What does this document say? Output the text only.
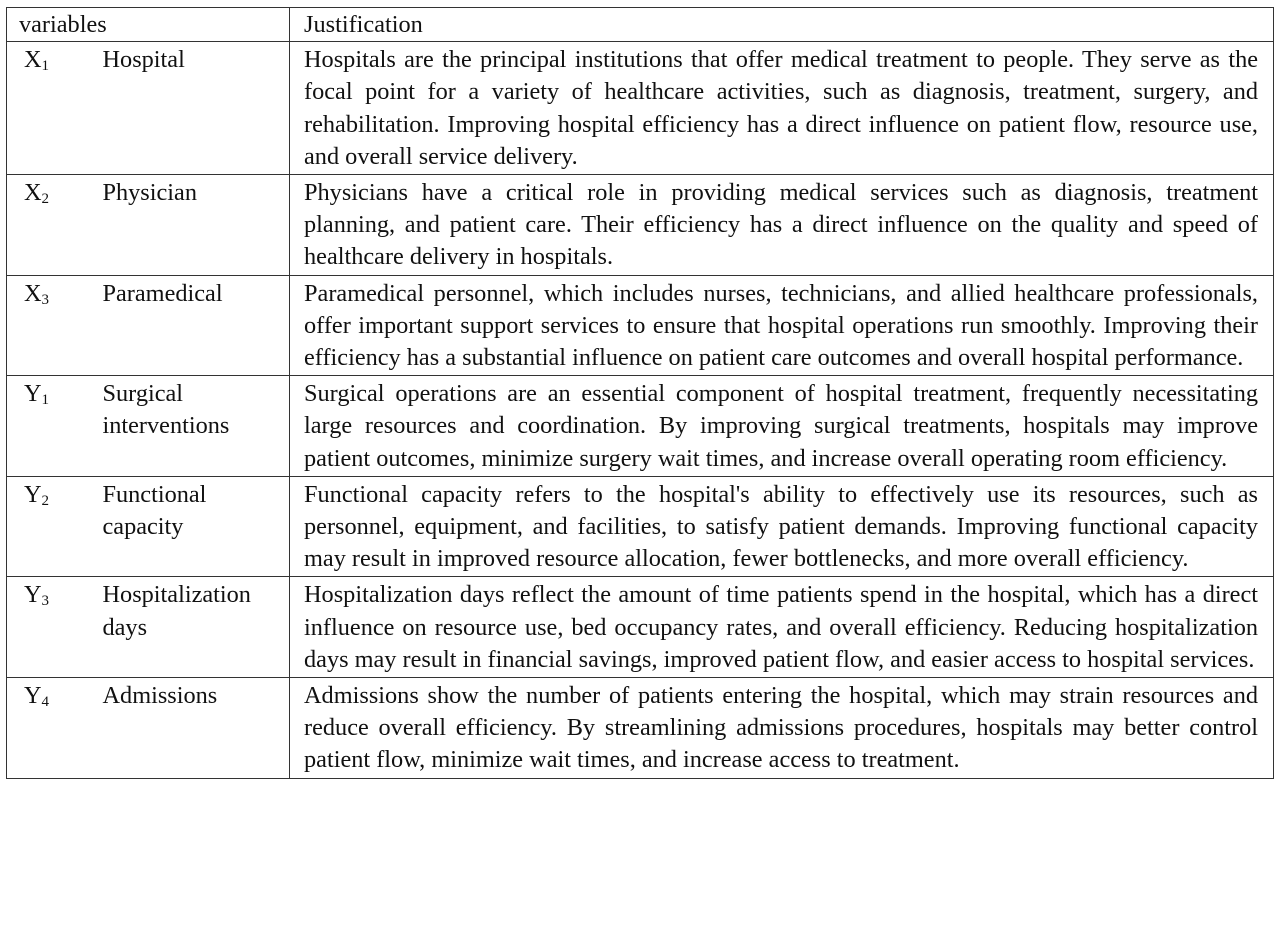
variables		Justification
$X_1$	Hospital	Hospitals are the principal institutions that offer medical treatment to people. They serve as the focal point for a variety of healthcare activities, such as diagnosis, treatment, surgery, and rehabilitation. Improving hospital efficiency has a direct influence on patient flow, resource use, and overall service delivery.
$X_2$	Physician	Physicians have a critical role in providing medical services such as diagnosis, treatment planning, and patient care. Their efficiency has a direct influence on the quality and speed of healthcare delivery in hospitals.
$X_3$	Paramedical	Paramedical personnel, which includes nurses, technicians, and allied healthcare professionals, offer important support services to ensure that hospital operations run smoothly. Improving their efficiency has a substantial influence on patient care outcomes and overall hospital performance.
$Y_1$	Surgical interventions	Surgical operations are an essential component of hospital treatment, frequently necessitating large resources and coordination. By improving surgical treatments, hospitals may improve patient outcomes, minimize surgery wait times, and increase overall operating room efficiency.
$Y_2$	Functional capacity	Functional capacity refers to the hospital's ability to effectively use its resources, such as personnel, equipment, and facilities, to satisfy patient demands. Improving functional capacity may result in improved resource allocation, fewer bottlenecks, and more overall efficiency.
$Y_3$	Hospitalization days	Hospitalization days reflect the amount of time patients spend in the hospital, which has a direct influence on resource use, bed occupancy rates, and overall efficiency. Reducing hospitalization days may result in financial savings, improved patient flow, and easier access to hospital services.
$Y_4$	Admissions	Admissions show the number of patients entering the hospital, which may strain resources and reduce overall efficiency. By streamlining admissions procedures, hospitals may better control patient flow, minimize wait times, and increase access to treatment.
